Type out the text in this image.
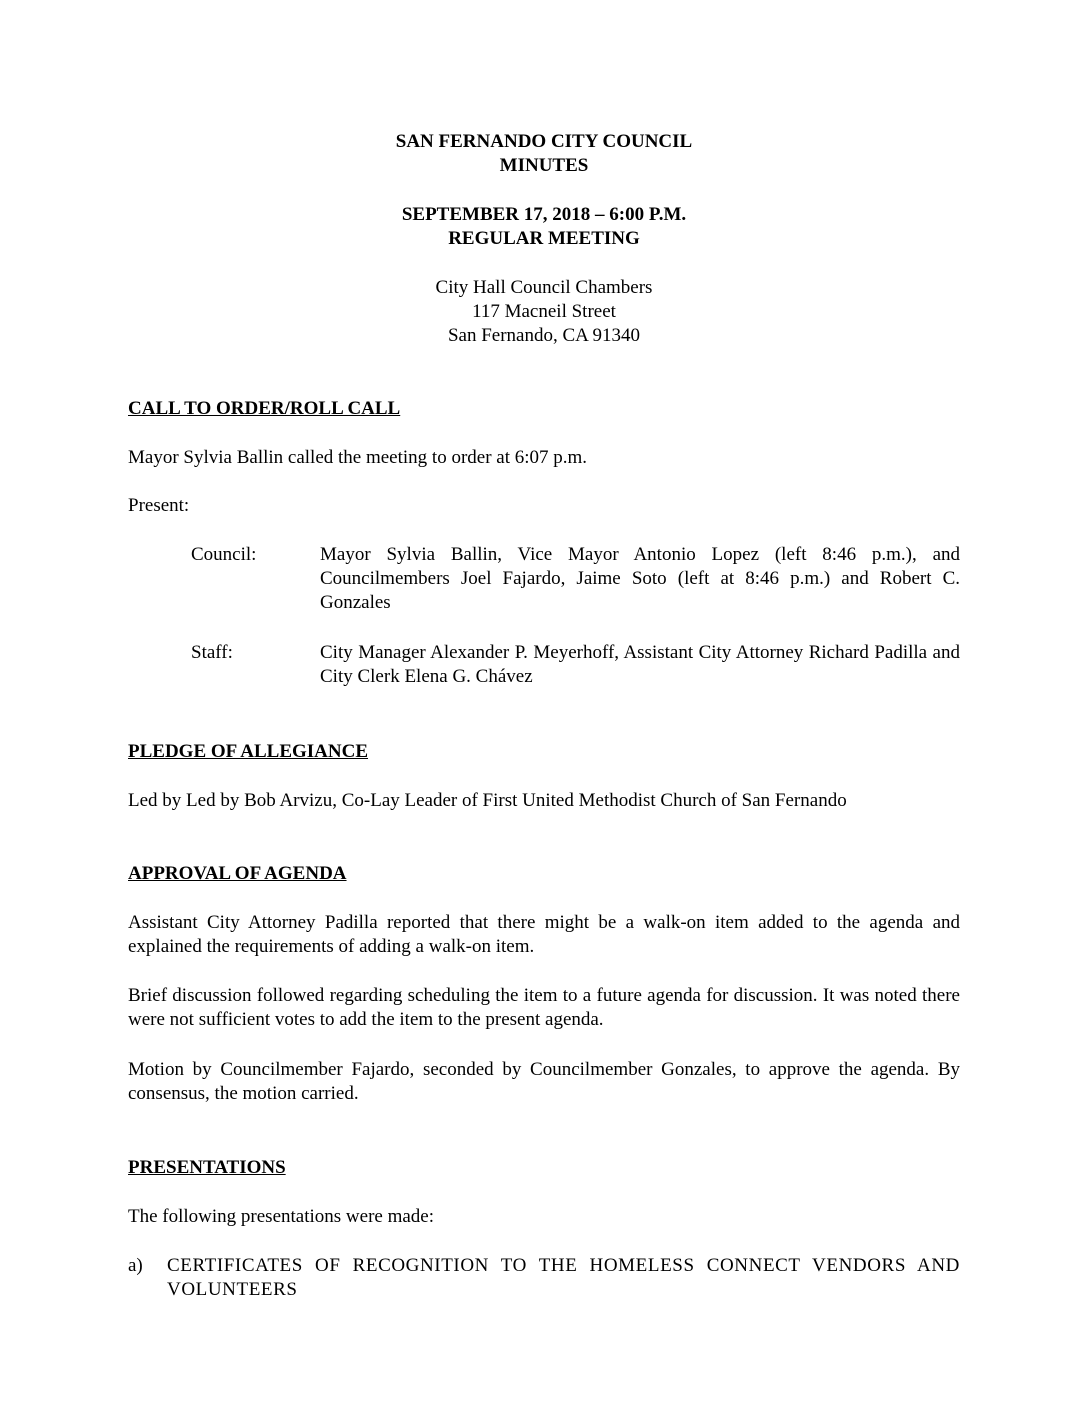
SAN FERNANDO CITY COUNCIL
MINUTES
SEPTEMBER 17, 2018 – 6:00 P.M.
REGULAR MEETING
City Hall Council Chambers
117 Macneil Street
San Fernando, CA 91340
CALL TO ORDER/ROLL CALL
Mayor Sylvia Ballin called the meeting to order at 6:07 p.m.
Present:
Council:	Mayor Sylvia Ballin, Vice Mayor Antonio Lopez (left 8:46 p.m.), and Councilmembers Joel Fajardo, Jaime Soto (left at 8:46 p.m.) and Robert C. Gonzales
Staff:	City Manager Alexander P. Meyerhoff, Assistant City Attorney Richard Padilla and City Clerk Elena G. Chávez
PLEDGE OF ALLEGIANCE
Led by Led by Bob Arvizu, Co-Lay Leader of First United Methodist Church of San Fernando
APPROVAL OF AGENDA
Assistant City Attorney Padilla reported that there might be a walk-on item added to the agenda and explained the requirements of adding a walk-on item.
Brief discussion followed regarding scheduling the item to a future agenda for discussion. It was noted there were not sufficient votes to add the item to the present agenda.
Motion by Councilmember Fajardo, seconded by Councilmember Gonzales, to approve the agenda. By consensus, the motion carried.
PRESENTATIONS
The following presentations were made:
a) CERTIFICATES OF RECOGNITION TO THE HOMELESS CONNECT VENDORS AND VOLUNTEERS
